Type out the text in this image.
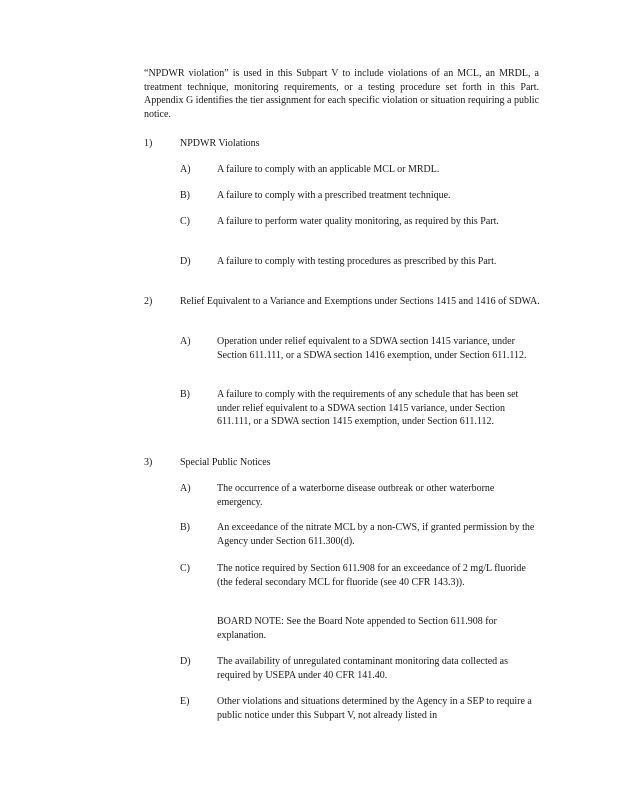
“NPDWR violation” is used in this Subpart V to include violations of an MCL, an MRDL, a treatment technique, monitoring requirements, or a testing procedure set forth in this Part. Appendix G identifies the tier assignment for each specific violation or situation requiring a public notice.

1)	NPDWR Violations
A)	A failure to comply with an applicable MCL or MRDL.
B)	A failure to comply with a prescribed treatment technique.
C)	A failure to perform water quality monitoring, as required by this Part.
D)	A failure to comply with testing procedures as prescribed by this Part.
2)	Relief Equivalent to a Variance and Exemptions under Sections 1415 and 1416 of SDWA.
A)	Operation under relief equivalent to a SDWA section 1415 variance, under Section 611.111, or a SDWA section 1416 exemption, under Section 611.112.
B)	A failure to comply with the requirements of any schedule that has been set under relief equivalent to a SDWA section 1415 variance, under Section 611.111, or a SDWA section 1415 exemption, under Section 611.112.
3)	Special Public Notices
A)	The occurrence of a waterborne disease outbreak or other waterborne emergency.
B)	An exceedance of the nitrate MCL by a non-CWS, if granted permission by the Agency under Section 611.300(d).
C)	The notice required by Section 611.908 for an exceedance of 2 mg/L fluoride (the federal secondary MCL for fluoride (see 40 CFR 143.3)).
BOARD NOTE: See the Board Note appended to Section 611.908 for explanation.
D)	The availability of unregulated contaminant monitoring data collected as required by USEPA under 40 CFR 141.40.
E)	Other violations and situations determined by the Agency in a SEP to require a public notice under this Subpart V, not already listed in
